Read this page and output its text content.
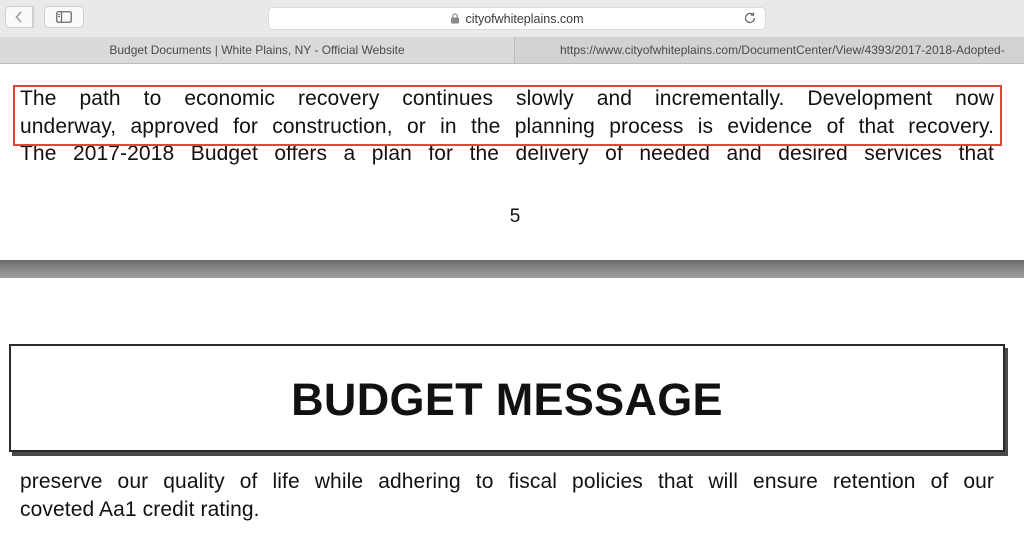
cityofwhiteplains.com
Budget Documents | White Plains, NY - Official Website	https://www.cityofwhiteplains.com/DocumentCenter/View/4393/2017-2018-Adopted-

The path to economic recovery continues slowly and incrementally. Development now

underway, approved for construction, or in the planning process is evidence of that recovery.

The 2017-2018 Budget offers a plan for the delivery of needed and desired services that

5
BUDGET MESSAGE

preserve our quality of life while adhering to fiscal policies that will ensure retention of our

coveted Aa1 credit rating.
